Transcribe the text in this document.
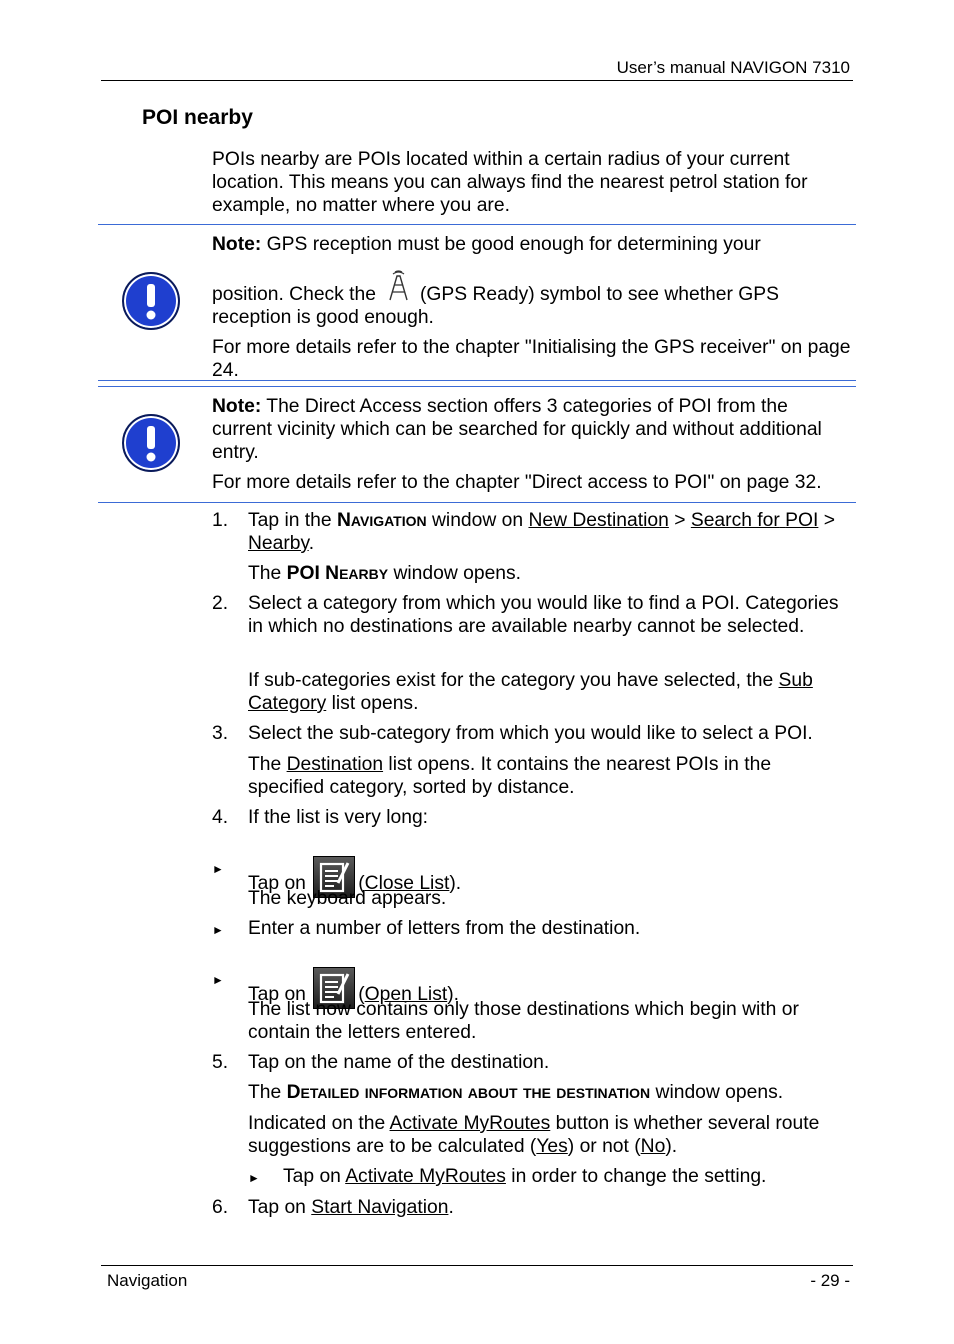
User’s manual NAVIGON 7310
POI nearby
POIs nearby are POIs located within a certain radius of your current location. This means you can always find the nearest petrol station for example, no matter where you are.

Note: GPS reception must be good enough for determining your

position. Check the (GPS Ready) symbol to see whether GPS reception is good enough.

For more details refer to the chapter "Initialising the GPS receiver" on page 24.

Note: The Direct Access section offers 3 categories of POI from the current vicinity which can be searched for quickly and without additional entry.

For more details refer to the chapter "Direct access to POI" on page 32.

1. Tap in the Navigation window on New Destination > Search for POI > Nearby.
The POI Nearby window opens.
2. Select a category from which you would like to find a POI. Categories in which no destinations are available nearby cannot be selected.
If sub-categories exist for the category you have selected, the Sub Category list opens.
3. Select the sub-category from which you would like to select a POI.
The Destination list opens. It contains the nearest POIs in the specified category, sorted by distance.
4. If the list is very long:
►
Tap on	(Close List).
The keyboard appears.
► Enter a number of letters from the destination.
►
Tap on	(Open List).
The list now contains only those destinations which begin with or contain the letters entered.
5. Tap on the name of the destination.
The Detailed information about the destination window opens.
Indicated on the Activate MyRoutes button is whether several route suggestions are to be calculated (Yes) or not (No).
► Tap on Activate MyRoutes in order to change the setting.
6. Tap on Start Navigation.
Navigation	- 29 -
